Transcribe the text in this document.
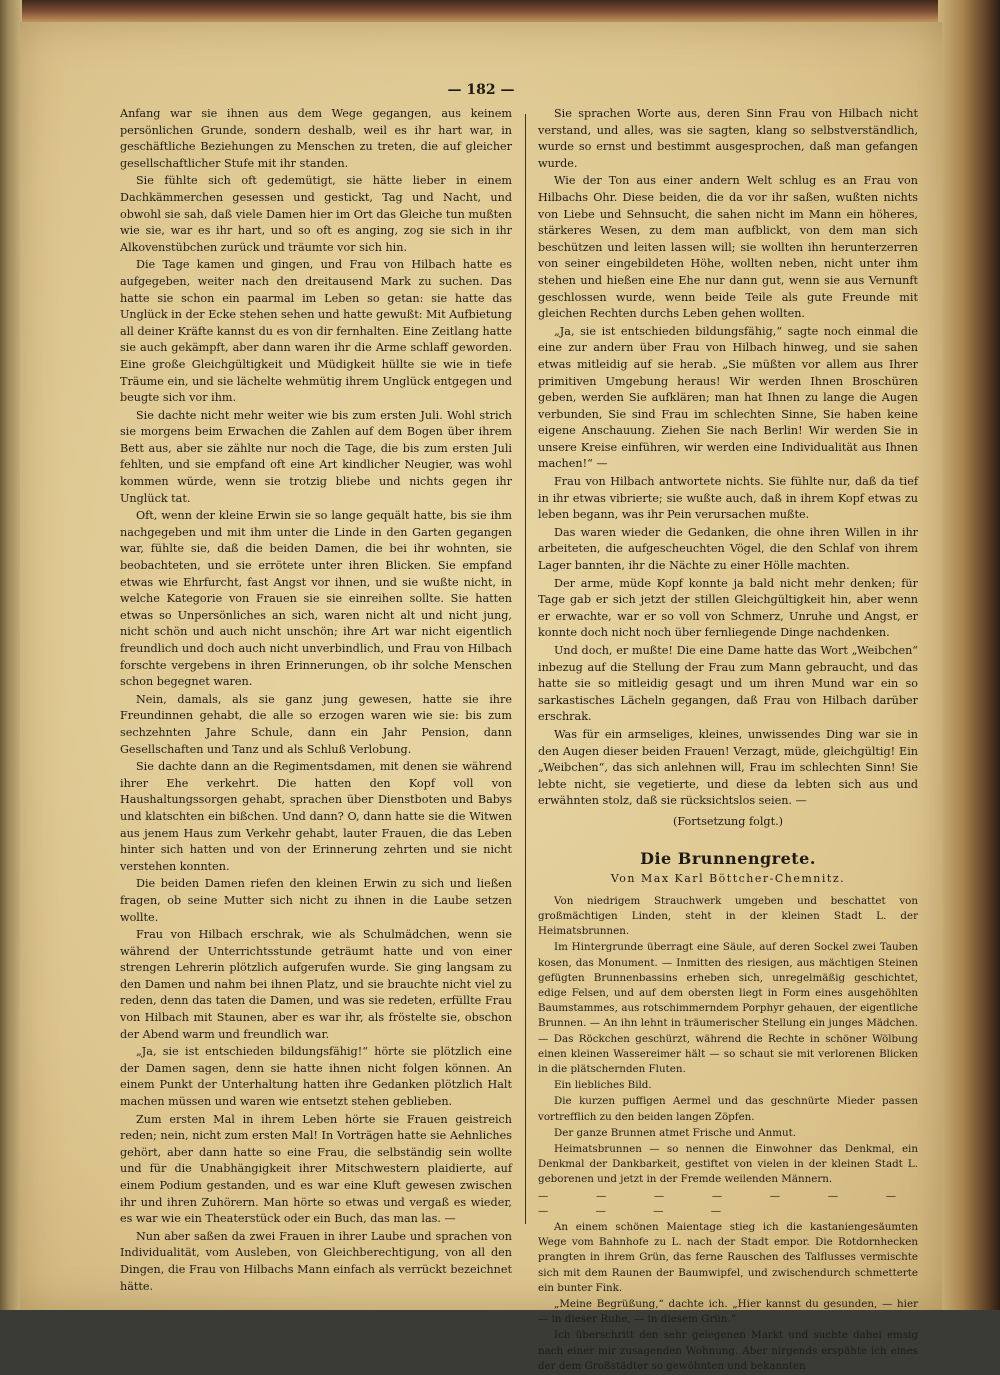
— 182 —

Anfang war sie ihnen aus dem Wege gegangen, aus keinem persönlichen Grunde, sondern deshalb, weil es ihr hart war, in geschäftliche Beziehungen zu Menschen zu treten, die auf gleicher gesellschaftlicher Stufe mit ihr standen.

Sie fühlte sich oft gedemütigt, sie hätte lieber in einem Dachkämmerchen gesessen und gestickt, Tag und Nacht, und obwohl sie sah, daß viele Damen hier im Ort das Gleiche tun mußten wie sie, war es ihr hart, und so oft es anging, zog sie sich in ihr Alkovenstübchen zurück und träumte vor sich hin.

Die Tage kamen und gingen, und Frau von Hilbach hatte es aufgegeben, weiter nach den dreitausend Mark zu suchen. Das hatte sie schon ein paarmal im Leben so getan: sie hatte das Unglück in der Ecke stehen sehen und hatte gewußt: Mit Aufbietung all deiner Kräfte kannst du es von dir fernhalten. Eine Zeitlang hatte sie auch gekämpft, aber dann waren ihr die Arme schlaff geworden. Eine große Gleichgültigkeit und Müdigkeit hüllte sie wie in tiefe Träume ein, und sie lächelte wehmütig ihrem Unglück entgegen und beugte sich vor ihm.

Sie dachte nicht mehr weiter wie bis zum ersten Juli. Wohl strich sie morgens beim Erwachen die Zahlen auf dem Bogen über ihrem Bett aus, aber sie zählte nur noch die Tage, die bis zum ersten Juli fehlten, und sie empfand oft eine Art kindlicher Neugier, was wohl kommen würde, wenn sie trotzig bliebe und nichts gegen ihr Unglück tat.

Oft, wenn der kleine Erwin sie so lange gequält hatte, bis sie ihm nachgegeben und mit ihm unter die Linde in den Garten gegangen war, fühlte sie, daß die beiden Damen, die bei ihr wohnten, sie beobachteten, und sie errötete unter ihren Blicken. Sie empfand etwas wie Ehrfurcht, fast Angst vor ihnen, und sie wußte nicht, in welche Kategorie von Frauen sie sie einreihen sollte. Sie hatten etwas so Unpersönliches an sich, waren nicht alt und nicht jung, nicht schön und auch nicht unschön; ihre Art war nicht eigentlich freundlich und doch auch nicht unverbindlich, und Frau von Hilbach forschte vergebens in ihren Erinnerungen, ob ihr solche Menschen schon begegnet waren.

Nein, damals, als sie ganz jung gewesen, hatte sie ihre Freundinnen gehabt, die alle so erzogen waren wie sie: bis zum sechzehnten Jahre Schule, dann ein Jahr Pension, dann Gesellschaften und Tanz und als Schluß Verlobung.

Sie dachte dann an die Regimentsdamen, mit denen sie während ihrer Ehe verkehrt. Die hatten den Kopf voll von Haushaltungssorgen gehabt, sprachen über Dienstboten und Babys und klatschten ein bißchen. Und dann? O, dann hatte sie die Witwen aus jenem Haus zum Verkehr gehabt, lauter Frauen, die das Leben hinter sich hatten und von der Erinnerung zehrten und sie nicht verstehen konnten.

Die beiden Damen riefen den kleinen Erwin zu sich und ließen fragen, ob seine Mutter sich nicht zu ihnen in die Laube setzen wollte.

Frau von Hilbach erschrak, wie als Schulmädchen, wenn sie während der Unterrichtsstunde geträumt hatte und von einer strengen Lehrerin plötzlich aufgerufen wurde. Sie ging langsam zu den Damen und nahm bei ihnen Platz, und sie brauchte nicht viel zu reden, denn das taten die Damen, und was sie redeten, erfüllte Frau von Hilbach mit Staunen, aber es war ihr, als fröstelte sie, obschon der Abend warm und freundlich war.

„Ja, sie ist entschieden bildungsfähig!“ hörte sie plötzlich eine der Damen sagen, denn sie hatte ihnen nicht folgen können. An einem Punkt der Unterhaltung hatten ihre Gedanken plötzlich Halt machen müssen und waren wie entsetzt stehen geblieben.

Zum ersten Mal in ihrem Leben hörte sie Frauen geistreich reden; nein, nicht zum ersten Mal! In Vorträgen hatte sie Aehnliches gehört, aber dann hatte so eine Frau, die selbständig sein wollte und für die Unabhängigkeit ihrer Mitschwestern plaidierte, auf einem Podium gestanden, und es war eine Kluft gewesen zwischen ihr und ihren Zuhörern. Man hörte so etwas und vergaß es wieder, es war wie ein Theaterstück oder ein Buch, das man las. —

Nun aber saßen da zwei Frauen in ihrer Laube und sprachen von Individualität, vom Ausleben, von Gleichberechtigung, von all den Dingen, die Frau von Hilbachs Mann einfach als verrückt bezeichnet hätte.

Sie sprachen Worte aus, deren Sinn Frau von Hilbach nicht verstand, und alles, was sie sagten, klang so selbstverständlich, wurde so ernst und bestimmt ausgesprochen, daß man gefangen wurde.

Wie der Ton aus einer andern Welt schlug es an Frau von Hilbachs Ohr. Diese beiden, die da vor ihr saßen, wußten nichts von Liebe und Sehnsucht, die sahen nicht im Mann ein höheres, stärkeres Wesen, zu dem man aufblickt, von dem man sich beschützen und leiten lassen will; sie wollten ihn herunterzerren von seiner eingebildeten Höhe, wollten neben, nicht unter ihm stehen und hießen eine Ehe nur dann gut, wenn sie aus Vernunft geschlossen wurde, wenn beide Teile als gute Freunde mit gleichen Rechten durchs Leben gehen wollten.

„Ja, sie ist entschieden bildungsfähig,“ sagte noch einmal die eine zur andern über Frau von Hilbach hinweg, und sie sahen etwas mitleidig auf sie herab. „Sie müßten vor allem aus Ihrer primitiven Umgebung heraus! Wir werden Ihnen Broschüren geben, werden Sie aufklären; man hat Ihnen zu lange die Augen verbunden, Sie sind Frau im schlechten Sinne, Sie haben keine eigene Anschauung. Ziehen Sie nach Berlin! Wir werden Sie in unsere Kreise einführen, wir werden eine Individualität aus Ihnen machen!“ —

Frau von Hilbach antwortete nichts. Sie fühlte nur, daß da tief in ihr etwas vibrierte; sie wußte auch, daß in ihrem Kopf etwas zu leben begann, was ihr Pein verursachen mußte.

Das waren wieder die Gedanken, die ohne ihren Willen in ihr arbeiteten, die aufgescheuchten Vögel, die den Schlaf von ihrem Lager bannten, ihr die Nächte zu einer Hölle machten.

Der arme, müde Kopf konnte ja bald nicht mehr denken; für Tage gab er sich jetzt der stillen Gleichgültigkeit hin, aber wenn er erwachte, war er so voll von Schmerz, Unruhe und Angst, er konnte doch nicht noch über fernliegende Dinge nachdenken.

Und doch, er mußte! Die eine Dame hatte das Wort „Weibchen“ inbezug auf die Stellung der Frau zum Mann gebraucht, und das hatte sie so mitleidig gesagt und um ihren Mund war ein so sarkastisches Lächeln gegangen, daß Frau von Hilbach darüber erschrak.

Was für ein armseliges, kleines, unwissendes Ding war sie in den Augen dieser beiden Frauen! Verzagt, müde, gleichgültig! Ein „Weibchen“, das sich anlehnen will, Frau im schlechten Sinn! Sie lebte nicht, sie vegetierte, und diese da lebten sich aus und erwähnten stolz, daß sie rücksichtslos seien. —

(Fortsetzung folgt.)

Die Brunnengrete.
Von Max Karl Böttcher-Chemnitz.

Von niedrigem Strauchwerk umgeben und beschattet von großmächtigen Linden, steht in der kleinen Stadt L. der Heimatsbrunnen.

Im Hintergrunde überragt eine Säule, auf deren Sockel zwei Tauben kosen, das Monument. — Inmitten des riesigen, aus mächtigen Steinen gefügten Brunnenbassins erheben sich, unregelmäßig geschichtet, edige Felsen, und auf dem obersten liegt in Form eines ausgehöhlten Baumstammes, aus rotschimmerndem Porphyr gehauen, der eigentliche Brunnen. — An ihn lehnt in träumerischer Stellung ein junges Mädchen. — Das Röckchen geschürzt, während die Rechte in schöner Wölbung einen kleinen Wassereimer hält — so schaut sie mit verlorenen Blicken in die plätschernden Fluten.

Ein liebliches Bild.

Die kurzen puffigen Aermel und das geschnürte Mieder passen vortrefflich zu den beiden langen Zöpfen.

Der ganze Brunnen atmet Frische und Anmut.

Heimatsbrunnen — so nennen die Einwohner das Denkmal, ein Denkmal der Dankbarkeit, gestiftet von vielen in der kleinen Stadt L. geborenen und jetzt in der Fremde weilenden Männern.

— — — — — — — — — — —

An einem schönen Maientage stieg ich die kastaniengesäumten Wege vom Bahnhofe zu L. nach der Stadt empor. Die Rotdornhecken prangten in ihrem Grün, das ferne Rauschen des Talflusses vermischte sich mit dem Raunen der Baumwipfel, und zwischendurch schmetterte ein bunter Fink.

„Meine Begrüßung,“ dachte ich. „Hier kannst du gesunden, — hier — in dieser Ruhe, — in diesem Grün.“

Ich überschritt den sehr gelegenen Markt und suchte dabei emsig nach einer mir zusagenden Wohnung. Aber nirgends erspähte ich eines der dem Großstädter so gewöhnten und bekannten
